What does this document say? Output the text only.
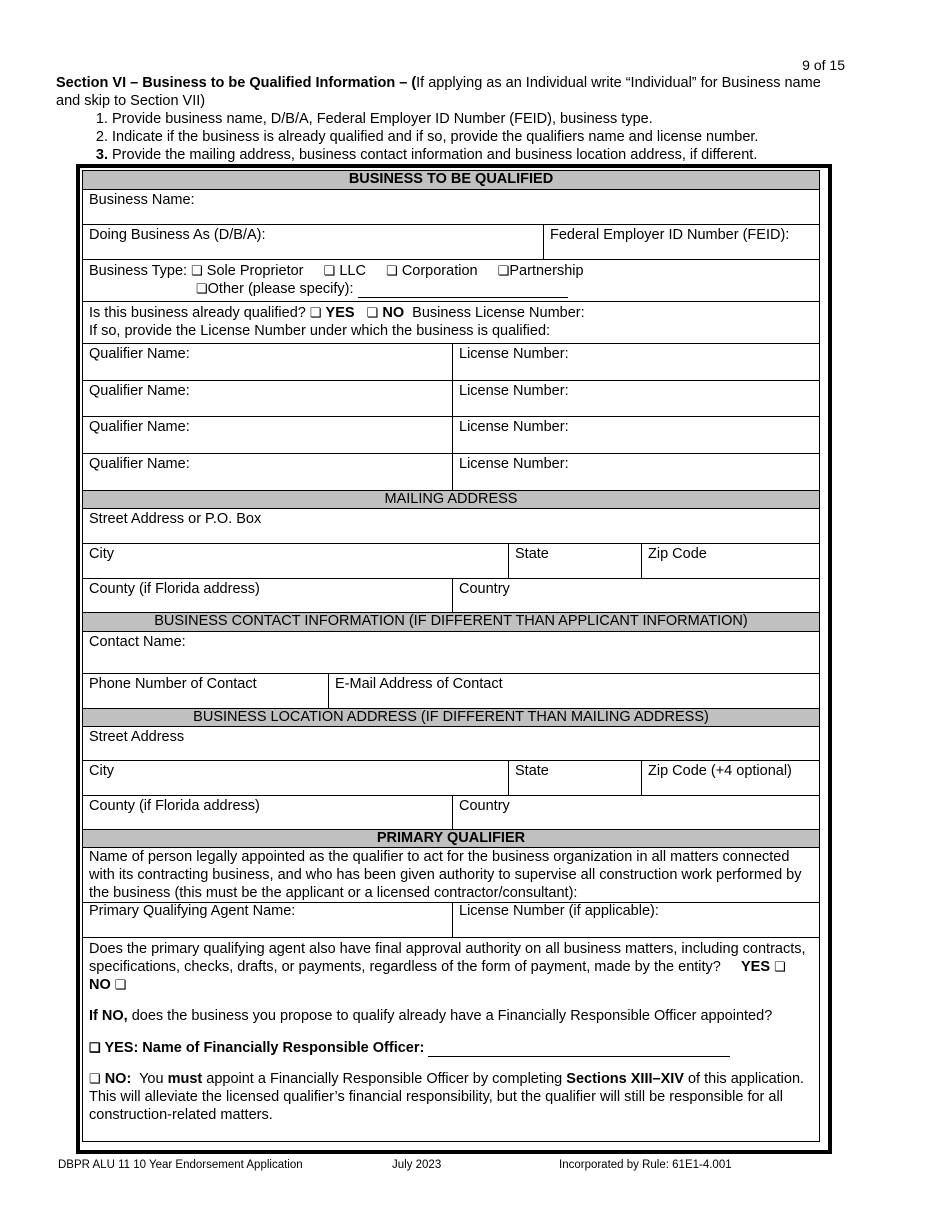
9 of 15
Section VI – Business to be Qualified Information – (If applying as an Individual write “Individual” for Business name and skip to Section VII)
1. Provide business name, D/B/A, Federal Employer ID Number (FEID), business type.
2. Indicate if the business is already qualified and if so, provide the qualifiers name and license number.
3. Provide the mailing address, business contact information and business location address, if different.
BUSINESS TO BE QUALIFIED
Business Name:
Doing Business As (D/B/A):	Federal Employer ID Number (FEID):
Business Type: ❏ Sole Proprietor ❏ LLC ❏ Corporation ❏Partnership
❏Other (please specify):
Is this business already qualified? ❏ YES ❏ NO Business License Number:
If so, provide the License Number under which the business is qualified:
Qualifier Name:	License Number:
Qualifier Name:	License Number:
Qualifier Name:	License Number:
Qualifier Name:	License Number:
MAILING ADDRESS
Street Address or P.O. Box
City	State	Zip Code
County (if Florida address)	Country
BUSINESS CONTACT INFORMATION (IF DIFFERENT THAN APPLICANT INFORMATION)
Contact Name:
Phone Number of Contact	E-Mail Address of Contact
BUSINESS LOCATION ADDRESS (IF DIFFERENT THAN MAILING ADDRESS)
Street Address
City	State	Zip Code (+4 optional)
County (if Florida address)	Country
PRIMARY QUALIFIER
Name of person legally appointed as the qualifier to act for the business organization in all matters connected with its contracting business, and who has been given authority to supervise all construction work performed by the business (this must be the applicant or a licensed contractor/consultant):
Primary Qualifying Agent Name:	License Number (if applicable):
Does the primary qualifying agent also have final approval authority on all business matters, including contracts, specifications, checks, drafts, or payments, regardless of the form of payment, made by the entity? YES ❏     NO ❏
If NO, does the business you propose to qualify already have a Financially Responsible Officer appointed?
❏ YES: Name of Financially Responsible Officer:
❏ NO: You must appoint a Financially Responsible Officer by completing Sections XIII–XIV of this application. This will alleviate the licensed qualifier’s financial responsibility, but the qualifier will still be responsible for all construction-related matters.
DBPR ALU 11 10 Year Endorsement Application	July 2023	Incorporated by Rule: 61E1-4.001
